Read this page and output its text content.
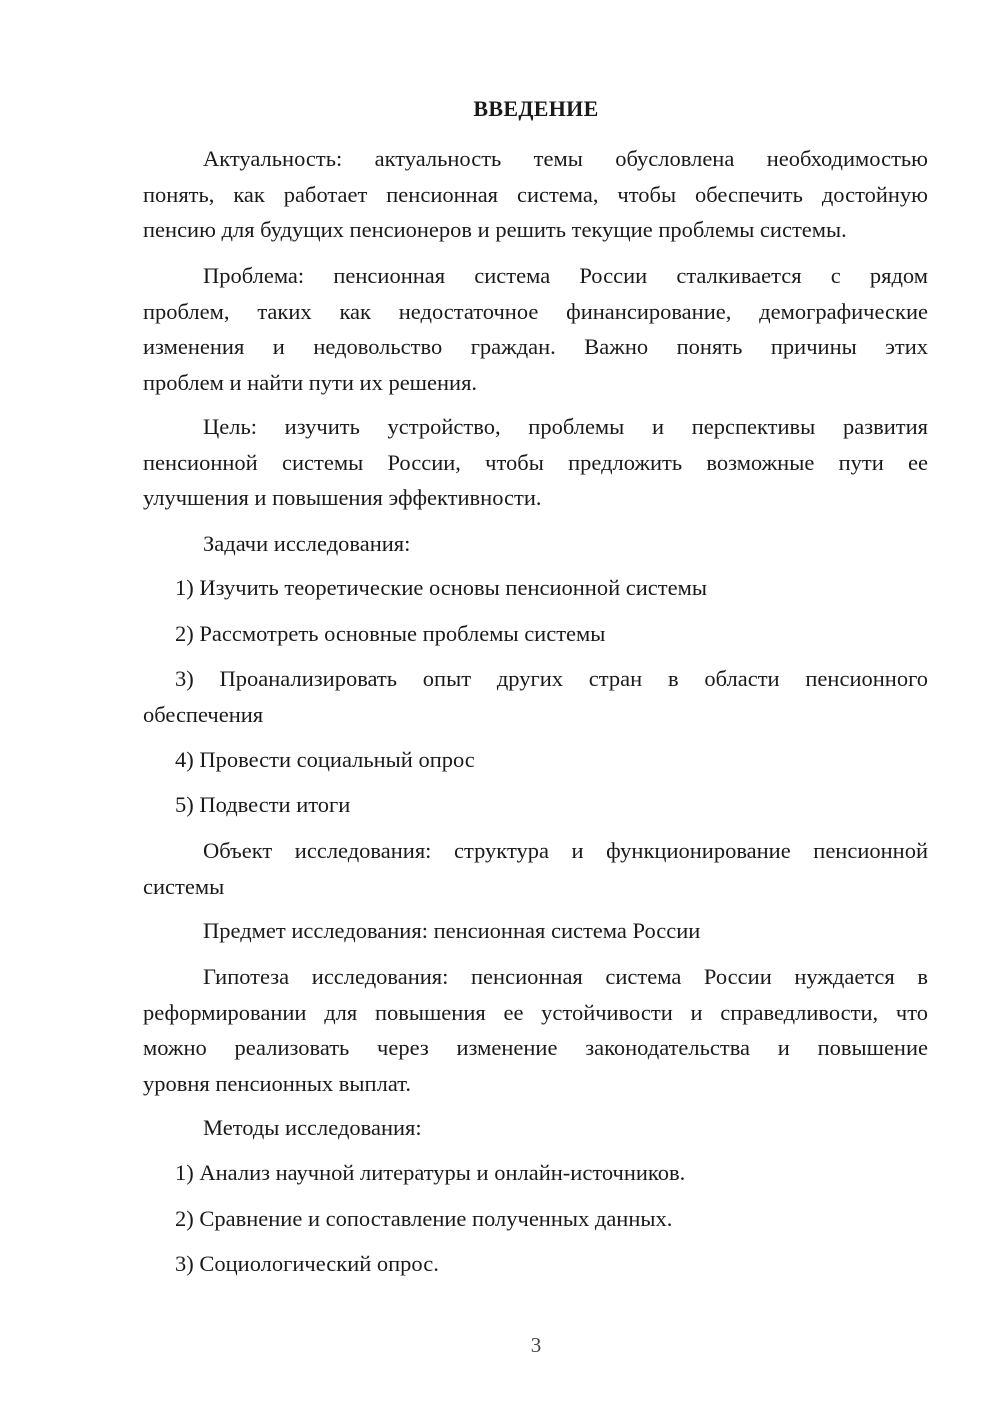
ВВЕДЕНИЕ
Актуальность: актуальность темы обусловлена необходимостью
понять, как работает пенсионная система, чтобы обеспечить достойную
пенсию для будущих пенсионеров и решить текущие проблемы системы.
Проблема: пенсионная система России сталкивается с рядом
проблем, таких как недостаточное финансирование, демографические
изменения и недовольство граждан. Важно понять причины этих
проблем и найти пути их решения.
Цель: изучить устройство, проблемы и перспективы развития
пенсионной системы России, чтобы предложить возможные пути ее
улучшения и повышения эффективности.
Задачи исследования:
1) Изучить теоретические основы пенсионной системы
2) Рассмотреть основные проблемы системы
3) Проанализировать опыт других стран в области пенсионного
обеспечения
4) Провести социальный опрос
5) Подвести итоги
Объект исследования: структура и функционирование пенсионной
системы
Предмет исследования: пенсионная система России
Гипотеза исследования: пенсионная система России нуждается в
реформировании для повышения ее устойчивости и справедливости, что
можно реализовать через изменение законодательства и повышение
уровня пенсионных выплат.
Методы исследования:
1) Анализ научной литературы и онлайн-источников.
2) Сравнение и сопоставление полученных данных.
3) Социологический опрос.
3
